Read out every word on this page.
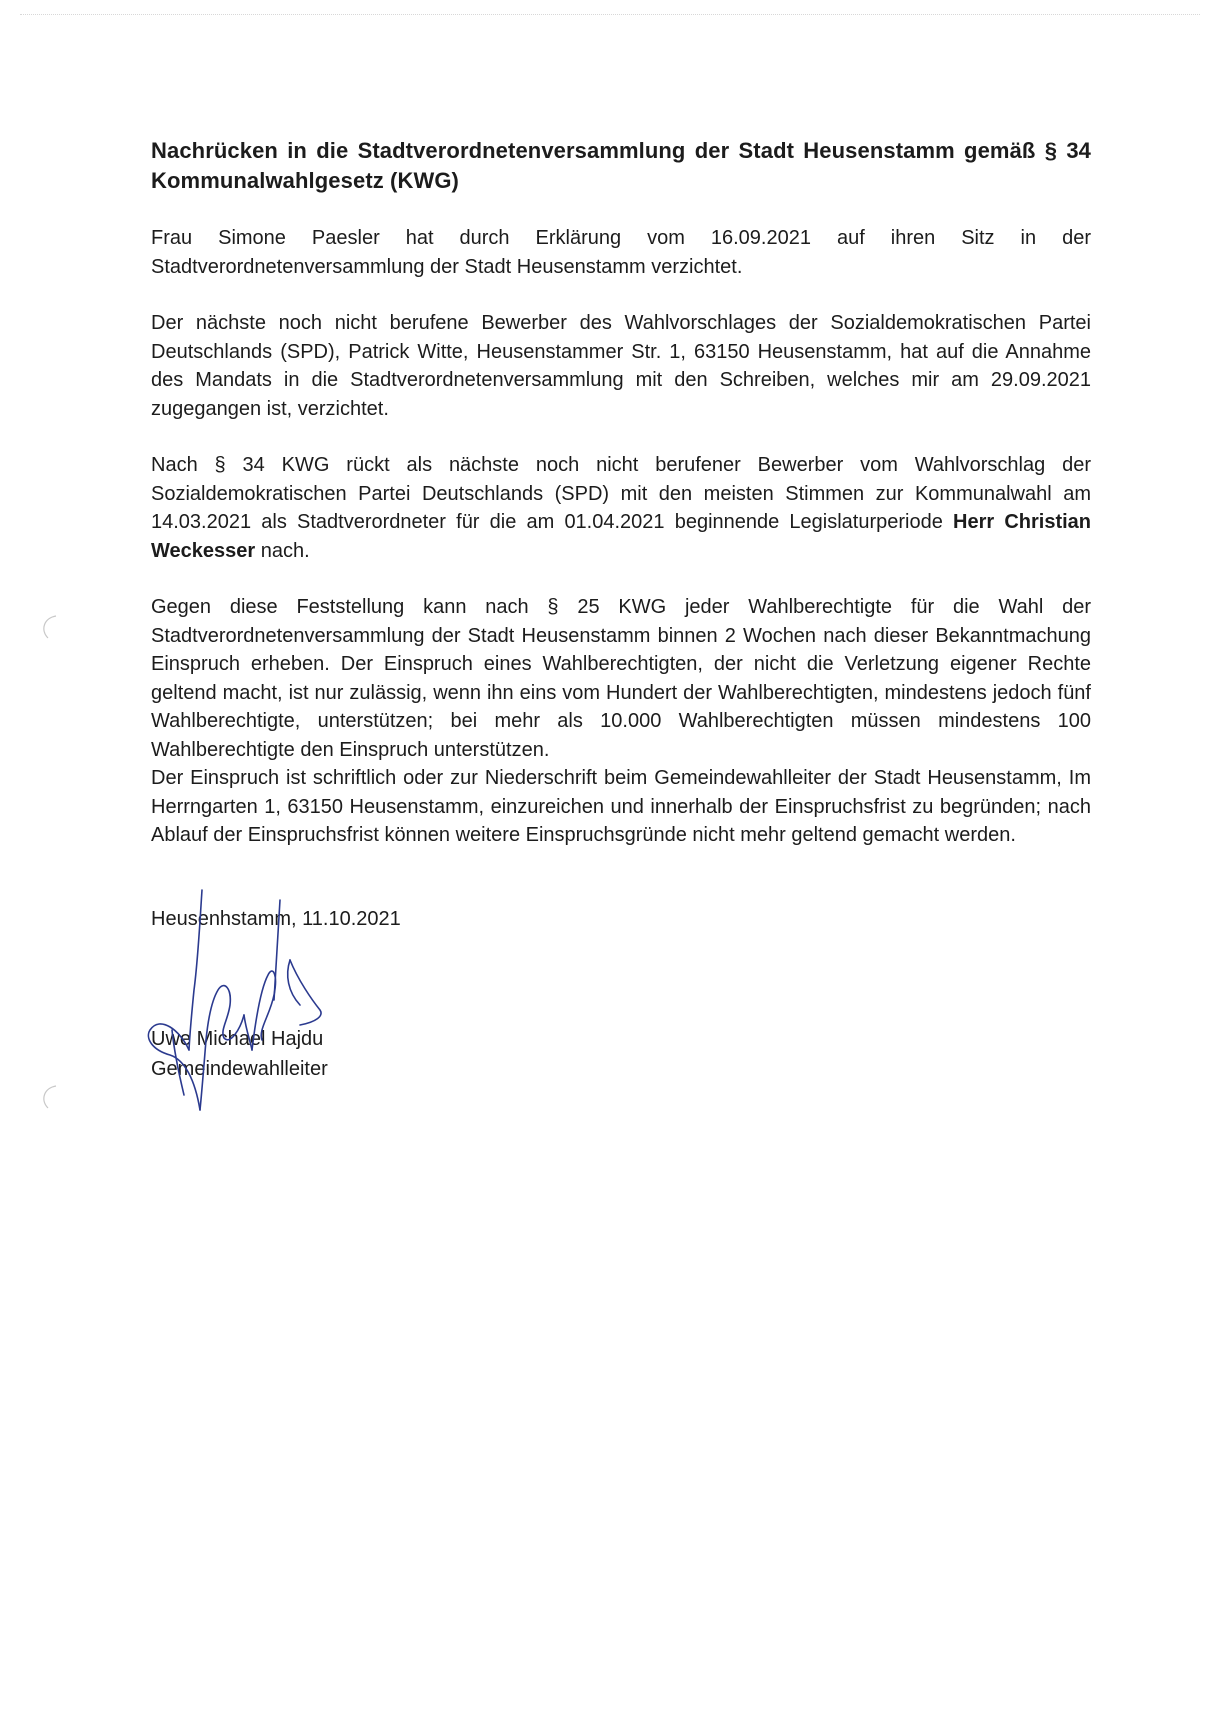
Nachrücken in die Stadtverordnetenversammlung der Stadt Heusenstamm gemäß § 34 Kommunalwahlgesetz (KWG)

Frau Simone Paesler hat durch Erklärung vom 16.09.2021 auf ihren Sitz in der Stadtverordnetenversammlung der Stadt Heusenstamm verzichtet.

Der nächste noch nicht berufene Bewerber des Wahlvorschlages der Sozialdemokratischen Partei Deutschlands (SPD), Patrick Witte, Heusenstammer Str. 1, 63150 Heusenstamm, hat auf die Annahme des Mandats in die Stadtverordnetenversammlung mit den Schreiben, welches mir am 29.09.2021 zugegangen ist, verzichtet.

Nach § 34 KWG rückt als nächste noch nicht berufener Bewerber vom Wahlvorschlag der Sozialdemokratischen Partei Deutschlands (SPD) mit den meisten Stimmen zur Kommunalwahl am 14.03.2021 als Stadtverordneter für die am 01.04.2021 beginnende Legislaturperiode Herr Christian Weckesser nach.

Gegen diese Feststellung kann nach § 25 KWG jeder Wahlberechtigte für die Wahl der Stadtverordnetenversammlung der Stadt Heusenstamm binnen 2 Wochen nach dieser Bekanntmachung Einspruch erheben. Der Einspruch eines Wahlberechtigten, der nicht die Verletzung eigener Rechte geltend macht, ist nur zulässig, wenn ihn eins vom Hundert der Wahlberechtigten, mindestens jedoch fünf Wahlberechtigte, unterstützen; bei mehr als 10.000 Wahlberechtigten müssen mindestens 100 Wahlberechtigte den Einspruch unterstützen.

Der Einspruch ist schriftlich oder zur Niederschrift beim Gemeindewahlleiter der Stadt Heusenstamm, Im Herrngarten 1, 63150 Heusenstamm, einzureichen und innerhalb der Einspruchsfrist zu begründen; nach Ablauf der Einspruchsfrist können weitere Einspruchsgründe nicht mehr geltend gemacht werden.

Heusenhstamm, 11.10.2021
Uwe Michael Hajdu
Gemeindewahlleiter
